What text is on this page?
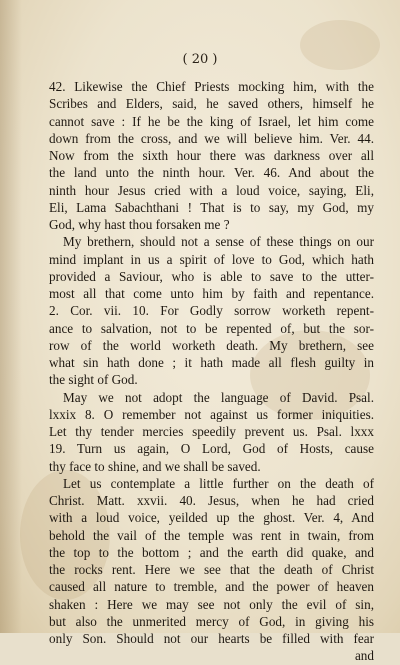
( 20 )
42. Likewise the Chief Priests mocking him, with the
Scribes and Elders, said, he saved others, himself he
cannot save : If he be the king of Israel, let him come
down from the cross, and we will believe him. Ver. 44.
Now from the sixth hour there was darkness over all
the land unto the ninth hour. Ver. 46. And about the
ninth hour Jesus cried with a loud voice, saying, Eli,
Eli, Lama Sabachthani ! That is to say, my God, my
God, why hast thou forsaken me ?
My brethern, should not a sense of these things on our
mind implant in us a spirit of love to God, which hath
provided a Saviour, who is able to save to the utter-
most all that come unto him by faith and repentance.
2. Cor. vii. 10. For Godly sorrow worketh repent-
ance to salvation, not to be repented of, but the sor-
row of the world worketh death. My brethern, see
what sin hath done ; it hath made all flesh guilty in
the sight of God.
May we not adopt the language of David. Psal.
lxxix 8. O remember not against us former iniquities.
Let thy tender mercies speedily prevent us. Psal. lxxx
19. Turn us again, O Lord, God of Hosts, cause
thy face to shine, and we shall be saved.
Let us contemplate a little further on the death of
Christ. Matt. xxvii. 40. Jesus, when he had cried
with a loud voice, yeilded up the ghost. Ver. 4, And
behold the vail of the temple was rent in twain, from
the top to the bottom ; and the earth did quake, and
the rocks rent. Here we see that the death of Christ
caused all nature to tremble, and the power of heaven
shaken : Here we may see not only the evil of sin,
but also the unmerited mercy of God, in giving his
only Son. Should not our hearts be filled with fear
and
